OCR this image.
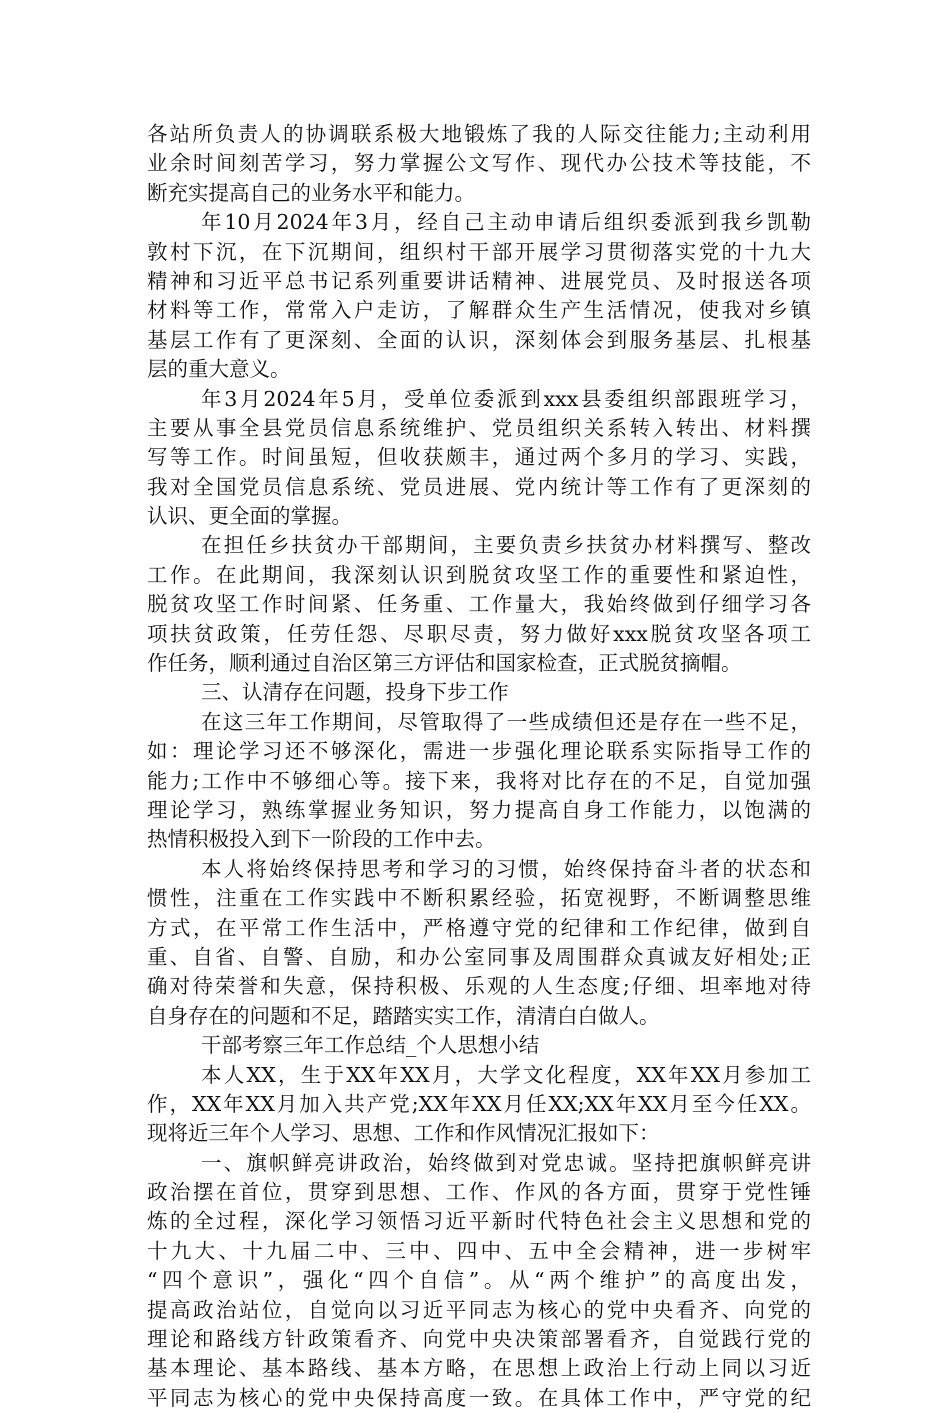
各站所负责人的协调联系极大地锻炼了我的人际交往能力;主动利用
业余时间刻苦学习，努力掌握公文写作、现代办公技术等技能，不
断充实提高自己的业务水平和能力。
年10月2024年3月，经自己主动申请后组织委派到我乡凯勒
敦村下沉，在下沉期间，组织村干部开展学习贯彻落实党的十九大
精神和习近平总书记系列重要讲话精神、进展党员、及时报送各项
材料等工作，常常入户走访，了解群众生产生活情况，使我对乡镇
基层工作有了更深刻、全面的认识，深刻体会到服务基层、扎根基
层的重大意义。
年3月2024年5月，受单位委派到xxx县委组织部跟班学习，
主要从事全县党员信息系统维护、党员组织关系转入转出、材料撰
写等工作。时间虽短，但收获颇丰，通过两个多月的学习、实践，
我对全国党员信息系统、党员进展、党内统计等工作有了更深刻的
认识、更全面的掌握。
在担任乡扶贫办干部期间，主要负责乡扶贫办材料撰写、整改
工作。在此期间，我深刻认识到脱贫攻坚工作的重要性和紧迫性，
脱贫攻坚工作时间紧、任务重、工作量大，我始终做到仔细学习各
项扶贫政策，任劳任怨、尽职尽责，努力做好xxx脱贫攻坚各项工
作任务，顺利通过自治区第三方评估和国家检查，正式脱贫摘帽。
三、认清存在问题，投身下步工作
在这三年工作期间，尽管取得了一些成绩但还是存在一些不足，
如：理论学习还不够深化，需进一步强化理论联系实际指导工作的
能力;工作中不够细心等。接下来，我将对比存在的不足，自觉加强
理论学习，熟练掌握业务知识，努力提高自身工作能力，以饱满的
热情积极投入到下一阶段的工作中去。
本人将始终保持思考和学习的习惯，始终保持奋斗者的状态和
惯性，注重在工作实践中不断积累经验，拓宽视野，不断调整思维
方式，在平常工作生活中，严格遵守党的纪律和工作纪律，做到自
重、自省、自警、自励，和办公室同事及周围群众真诚友好相处;正
确对待荣誉和失意，保持积极、乐观的人生态度;仔细、坦率地对待
自身存在的问题和不足，踏踏实实工作，清清白白做人。
干部考察三年工作总结_个人思想小结
本人XX，生于XX年XX月，大学文化程度，XX年XX月参加工
作，XX年XX月加入共产党;XX年XX月任XX;XX年XX月至今任XX。
现将近三年个人学习、思想、工作和作风情况汇报如下：
一、旗帜鲜亮讲政治，始终做到对党忠诚。坚持把旗帜鲜亮讲
政治摆在首位，贯穿到思想、工作、作风的各方面，贯穿于党性锤
炼的全过程，深化学习领悟习近平新时代特色社会主义思想和党的
十九大、十九届二中、三中、四中、五中全会精神，进一步树牢
“四个意识”，强化“四个自信”。从“两个维护”的高度出发，
提高政治站位，自觉向以习近平同志为核心的党中央看齐、向党的
理论和路线方针政策看齐、向党中央决策部署看齐，自觉践行党的
基本理论、基本路线、基本方略，在思想上政治上行动上同以习近
平同志为核心的党中央保持高度一致。在具体工作中，严守党的纪
